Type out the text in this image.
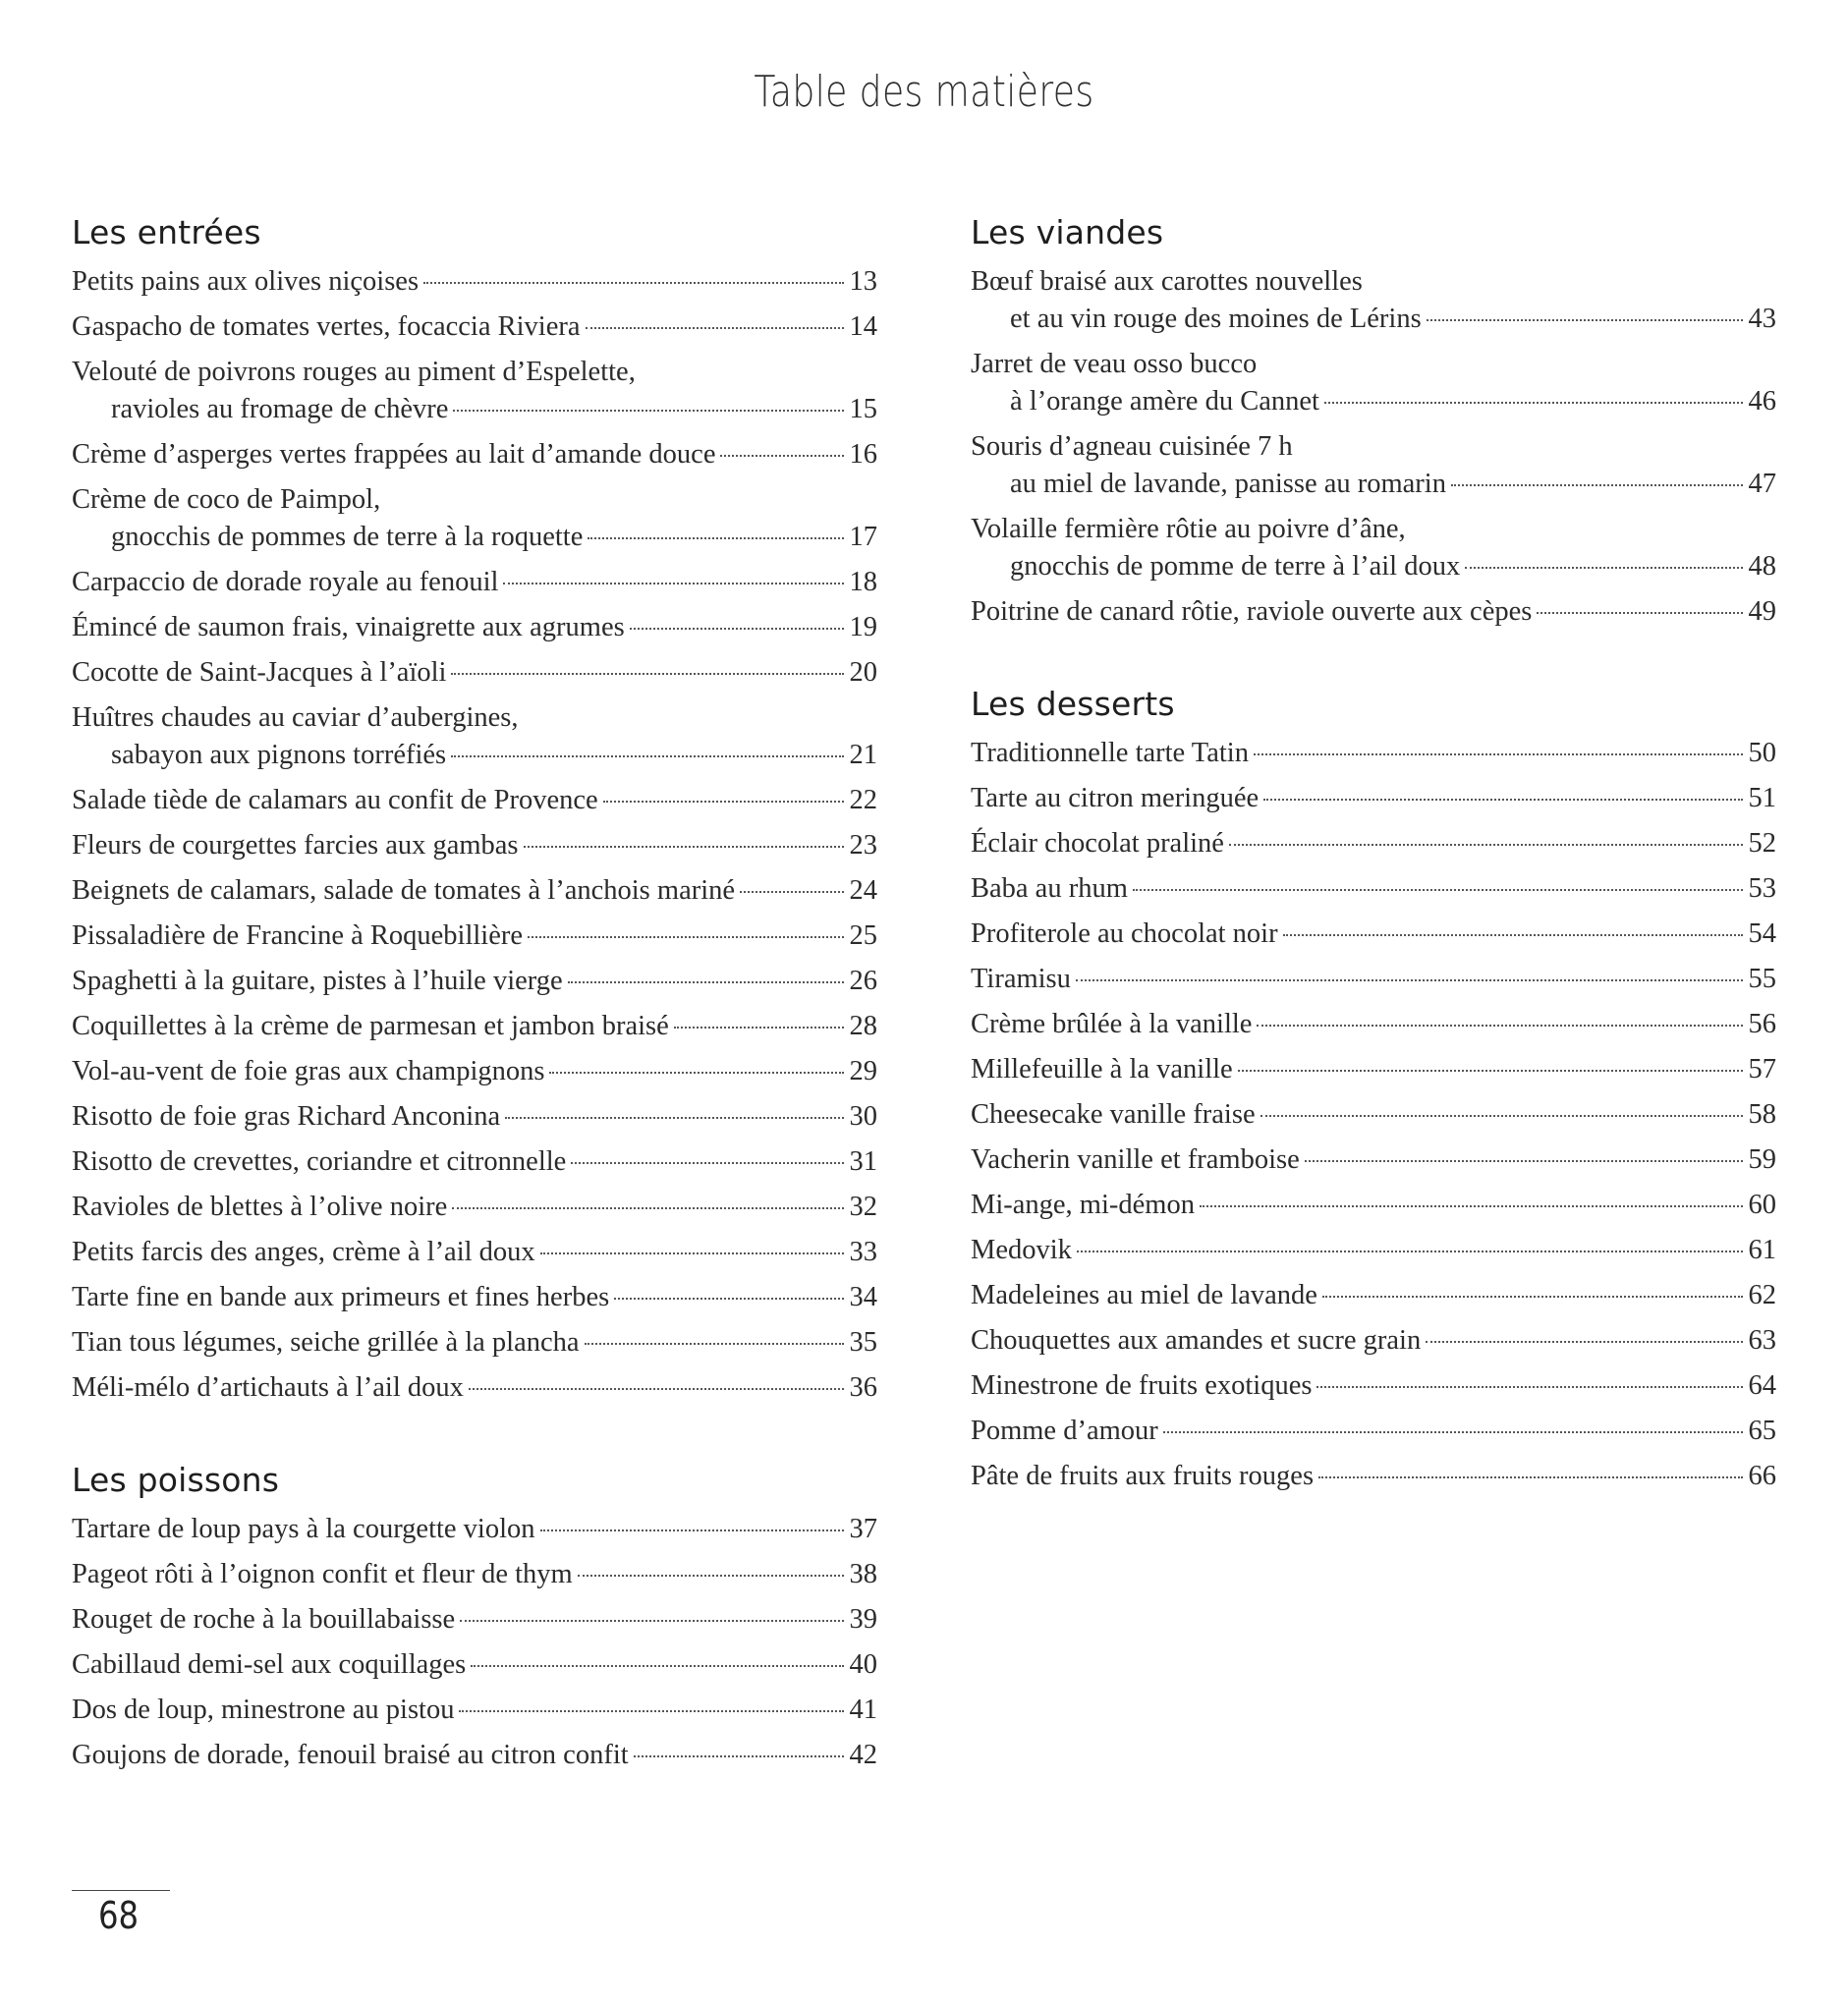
Table des matières
Les entrées
Petits pains aux olives niçoises	13
Gaspacho de tomates vertes, focaccia Riviera	14
Velouté de poivrons rouges au piment d’Espelette,
ravioles au fromage de chèvre	15
Crème d’asperges vertes frappées au lait d’amande douce	16
Crème de coco de Paimpol,
gnocchis de pommes de terre à la roquette	17
Carpaccio de dorade royale au fenouil	18
Émincé de saumon frais, vinaigrette aux agrumes	19
Cocotte de Saint-Jacques à l’aïoli	20
Huîtres chaudes au caviar d’aubergines,
sabayon aux pignons torréfiés	21
Salade tiède de calamars au confit de Provence	22
Fleurs de courgettes farcies aux gambas	23
Beignets de calamars, salade de tomates à l’anchois mariné	24
Pissaladière de Francine à Roquebillière	25
Spaghetti à la guitare, pistes à l’huile vierge	26
Coquillettes à la crème de parmesan et jambon braisé	28
Vol-au-vent de foie gras aux champignons	29
Risotto de foie gras Richard Anconina	30
Risotto de crevettes, coriandre et citronnelle	31
Ravioles de blettes à l’olive noire	32
Petits farcis des anges, crème à l’ail doux	33
Tarte fine en bande aux primeurs et fines herbes	34
Tian tous légumes, seiche grillée à la plancha	35
Méli-mélo d’artichauts à l’ail doux	36
Les poissons
Tartare de loup pays à la courgette violon	37
Pageot rôti à l’oignon confit et fleur de thym	38
Rouget de roche à la bouillabaisse	39
Cabillaud demi-sel aux coquillages	40
Dos de loup, minestrone au pistou	41
Goujons de dorade, fenouil braisé au citron confit	42
Les viandes
Bœuf braisé aux carottes nouvelles
et au vin rouge des moines de Lérins	43
Jarret de veau osso bucco
à l’orange amère du Cannet	46
Souris d’agneau cuisinée 7 h
au miel de lavande, panisse au romarin	47
Volaille fermière rôtie au poivre d’âne,
gnocchis de pomme de terre à l’ail doux	48
Poitrine de canard rôtie, raviole ouverte aux cèpes	49
Les desserts
Traditionnelle tarte Tatin	50
Tarte au citron meringuée	51
Éclair chocolat praliné	52
Baba au rhum	53
Profiterole au chocolat noir	54
Tiramisu	55
Crème brûlée à la vanille	56
Millefeuille à la vanille	57
Cheesecake vanille fraise	58
Vacherin vanille et framboise	59
Mi-ange, mi-démon	60
Medovik	61
Madeleines au miel de lavande	62
Chouquettes aux amandes et sucre grain	63
Minestrone de fruits exotiques	64
Pomme d’amour	65
Pâte de fruits aux fruits rouges	66
68
